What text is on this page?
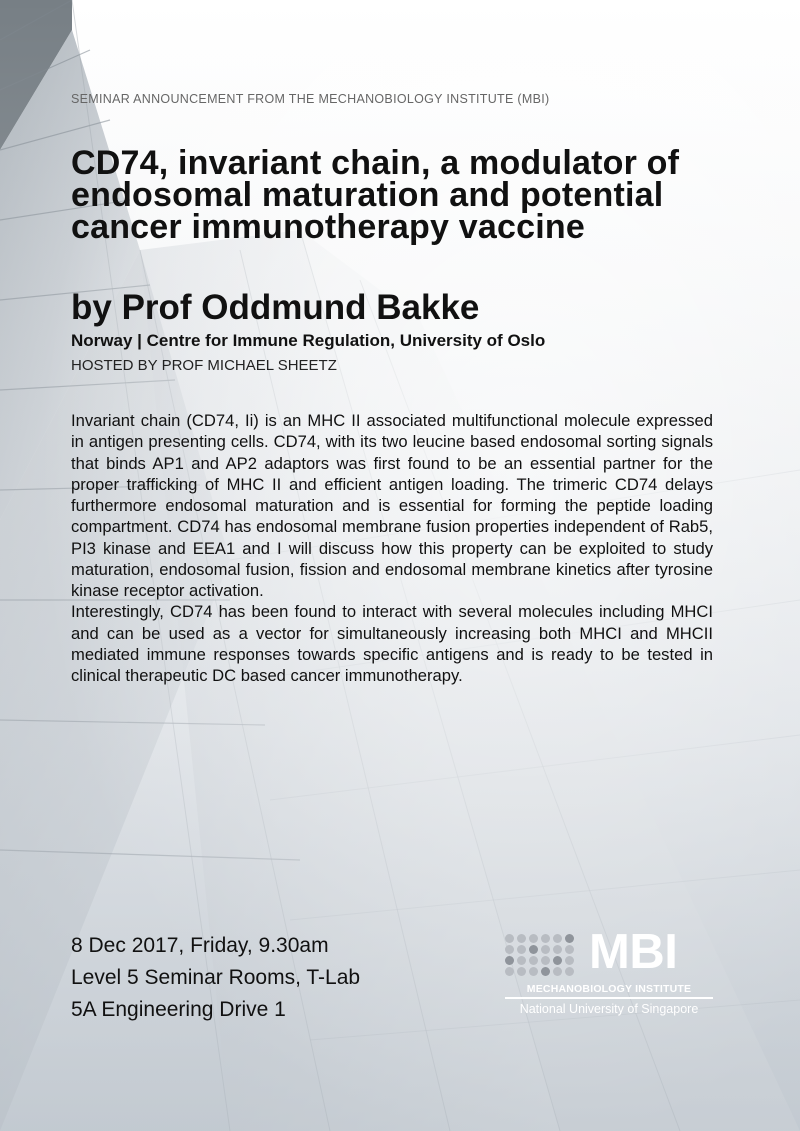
SEMINAR ANNOUNCEMENT FROM THE MECHANOBIOLOGY INSTITUTE (MBI)
CD74, invariant chain, a modulator of endosomal maturation and potential cancer immunotherapy vaccine
by Prof Oddmund Bakke
Norway | Centre for Immune Regulation, University of Oslo
HOSTED BY PROF MICHAEL SHEETZ

Invariant chain (CD74, Ii) is an MHC II associated multifunctional molecule expressed in antigen presenting cells. CD74, with its two leucine based endosomal sorting signals that binds AP1 and AP2 adaptors was first found to be an essential partner for the proper trafficking of MHC II and efficient antigen loading. The trimeric CD74 delays furthermore endosomal maturation and is essential for forming the peptide loading compartment. CD74 has endosomal membrane fusion properties independent of Rab5, PI3 kinase and EEA1 and I will discuss how this property can be exploited to study maturation, endosomal fusion, fission and endosomal membrane kinetics after tyrosine kinase receptor activation.

Interestingly, CD74 has been found to interact with several molecules including MHCI and can be used as a vector for simultaneously increasing both MHCI and MHCII mediated immune responses towards specific antigens and is ready to be tested in clinical therapeutic DC based cancer immunotherapy.

8 Dec 2017, Friday, 9.30am
Level 5 Seminar Rooms, T-Lab
5A Engineering Drive 1
MBI
MECHANOBIOLOGY INSTITUTE
National University of Singapore
